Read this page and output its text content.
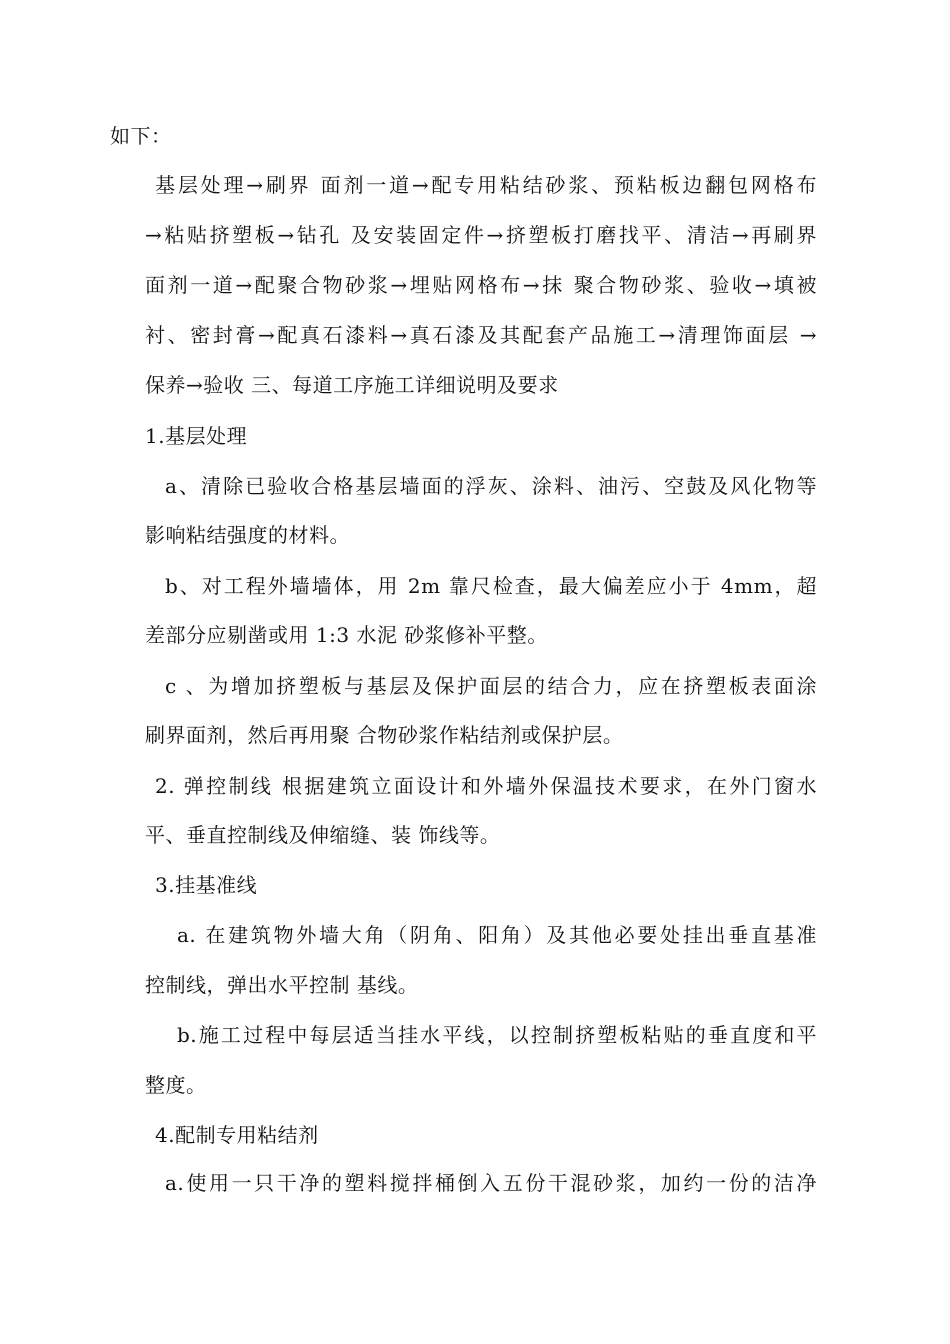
如下：
基层处理→刷界 面剂一道→配专用粘结砂浆、预粘板边翻包网格布
→粘贴挤塑板→钻孔 及安装固定件→挤塑板打磨找平、清洁→再刷界
面剂一道→配聚合物砂浆→埋贴网格布→抹 聚合物砂浆、验收→填被
衬、密封膏→配真石漆料→真石漆及其配套产品施工→清理饰面层 →
保养→验收 三、每道工序施工详细说明及要求
1.基层处理
a、清除已验收合格基层墙面的浮灰、涂料、油污、空鼓及风化物等
影响粘结强度的材料。
b、对工程外墙墙体，用 2m 靠尺检查，最大偏差应小于 4mm，超
差部分应剔凿或用 1:3 水泥 砂浆修补平整。
c 、为增加挤塑板与基层及保护面层的结合力，应在挤塑板表面涂
刷界面剂，然后再用聚 合物砂浆作粘结剂或保护层。
2. 弹控制线 根据建筑立面设计和外墙外保温技术要求，在外门窗水
平、垂直控制线及伸缩缝、装 饰线等。
3.挂基准线
a. 在建筑物外墙大角（阴角、阳角）及其他必要处挂出垂直基准
控制线，弹出水平控制 基线。
b.施工过程中每层适当挂水平线，以控制挤塑板粘贴的垂直度和平
整度。
4.配制专用粘结剂
a.使用一只干净的塑料搅拌桶倒入五份干混砂浆，加约一份的洁净
